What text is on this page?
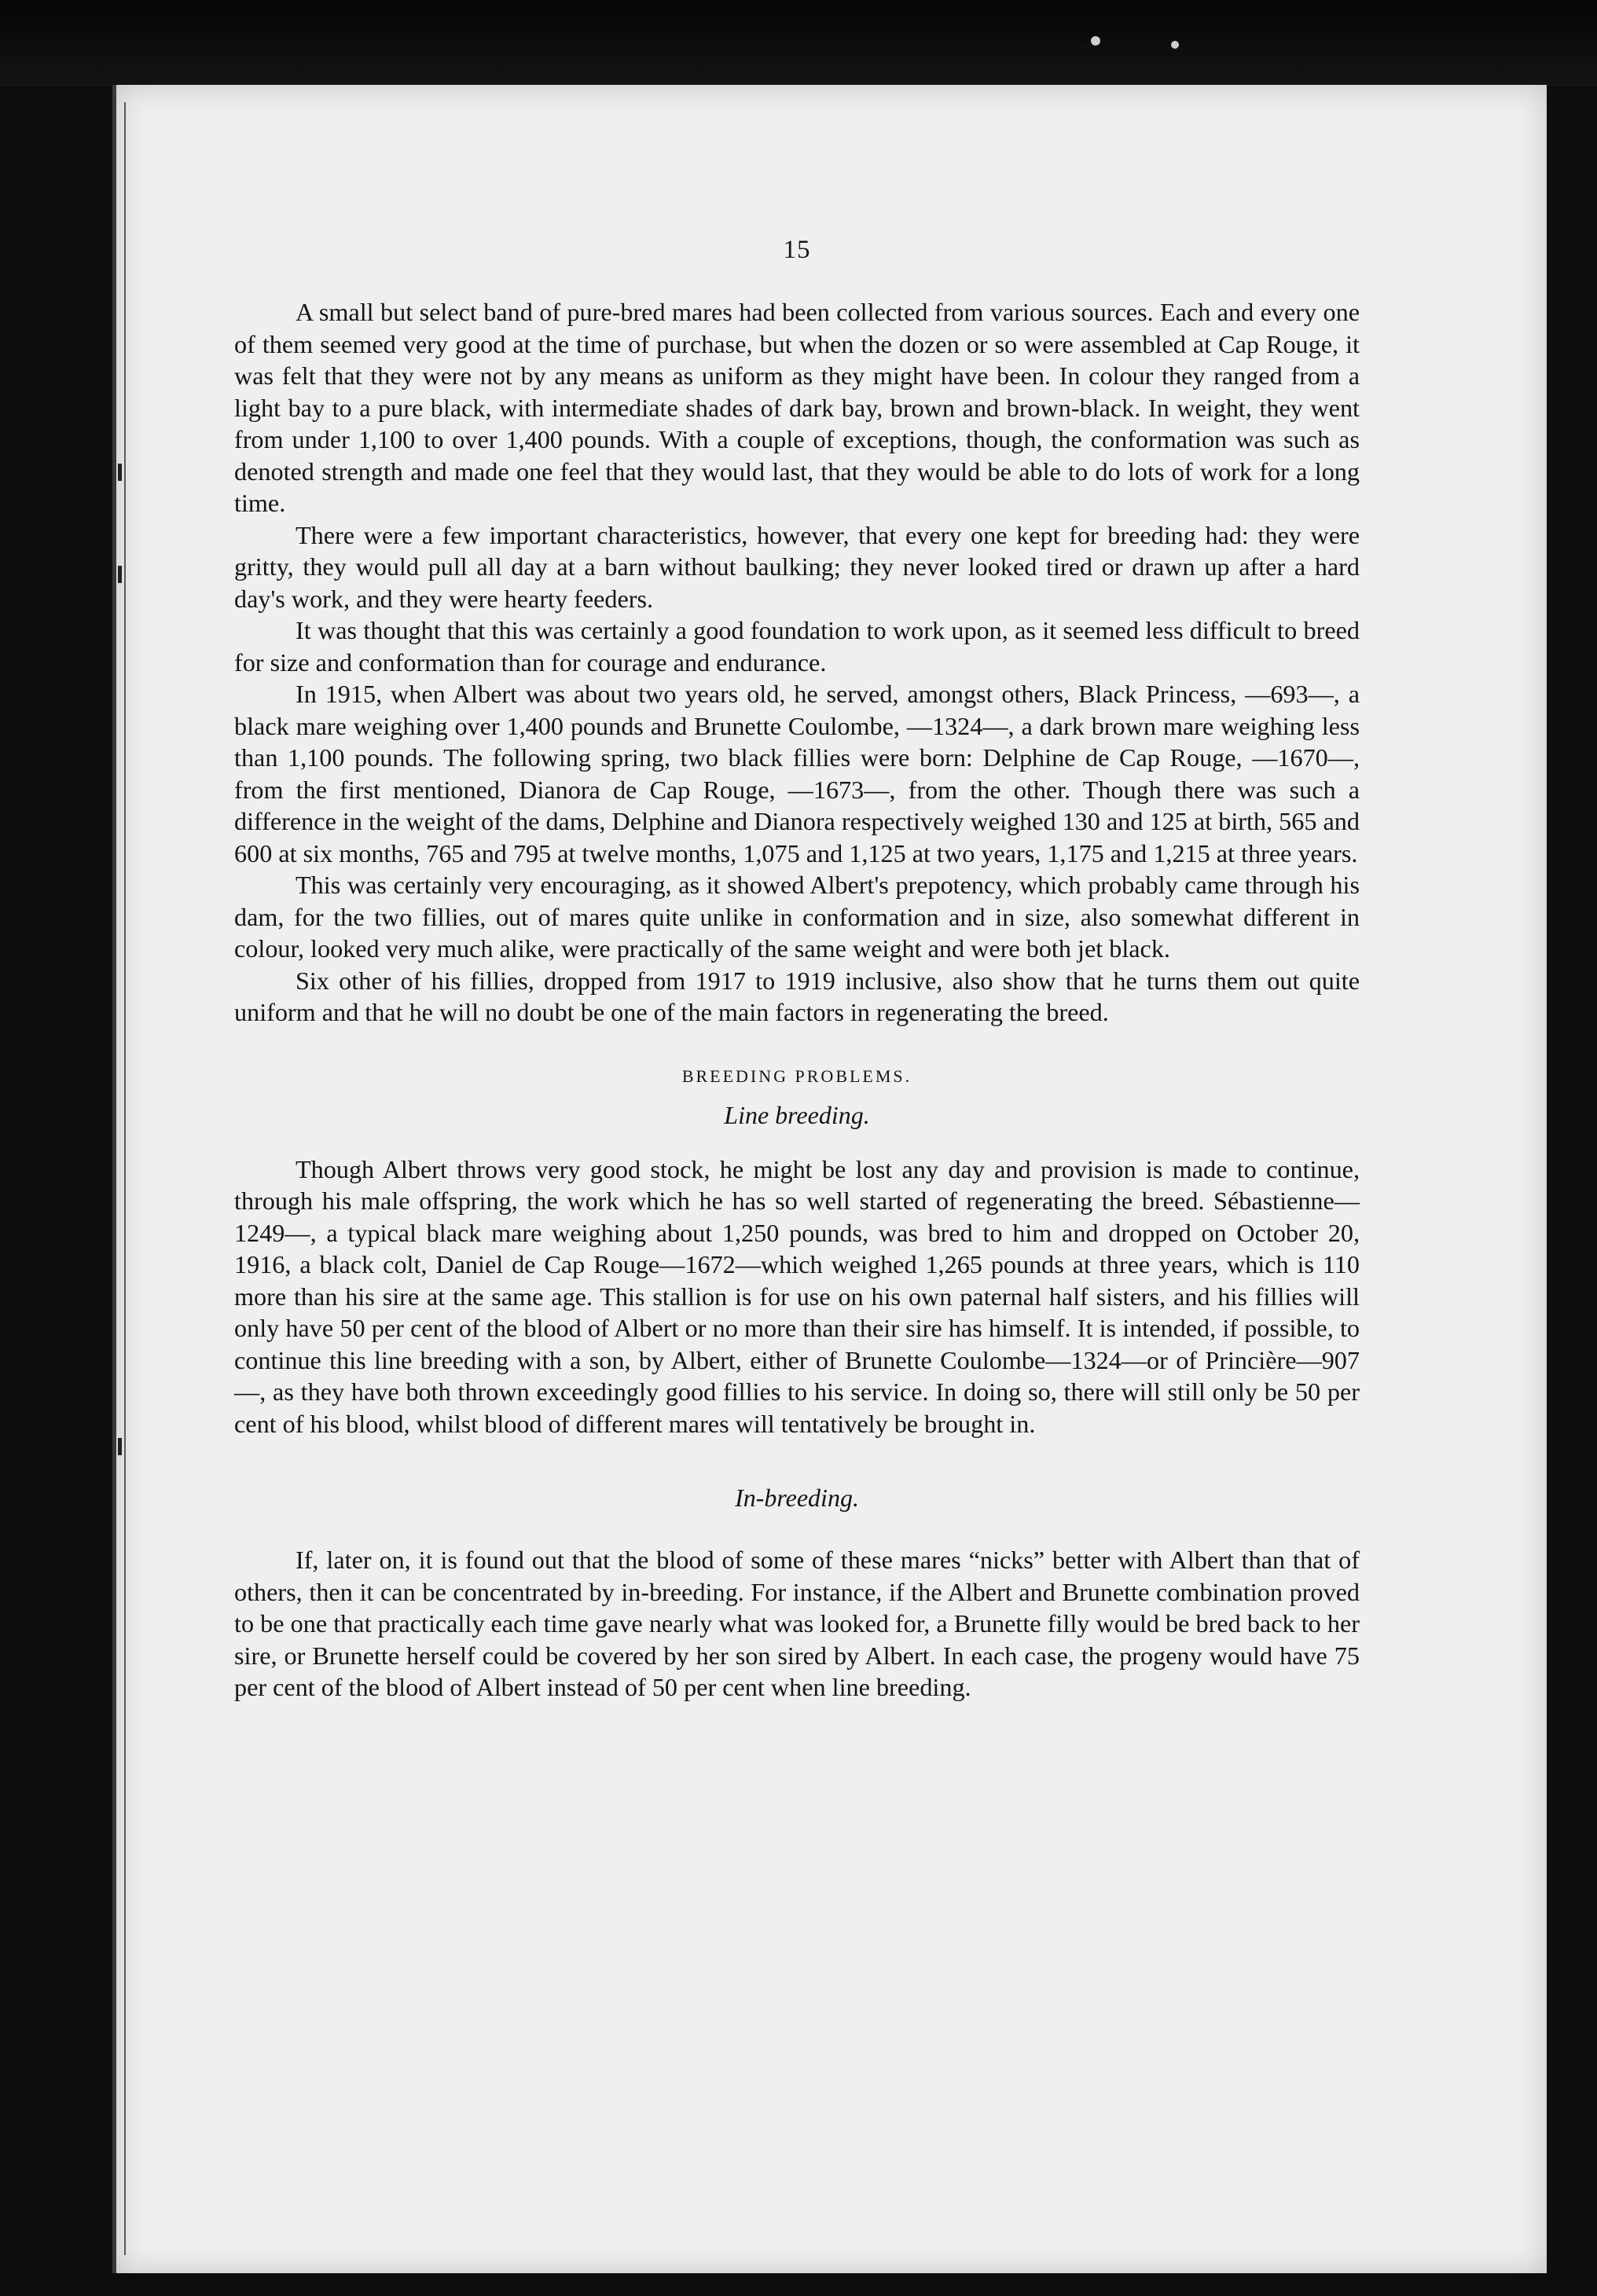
15

A small but select band of pure-bred mares had been collected from various sources. Each and every one of them seemed very good at the time of purchase, but when the dozen or so were assembled at Cap Rouge, it was felt that they were not by any means as uniform as they might have been. In colour they ranged from a light bay to a pure black, with intermediate shades of dark bay, brown and brown-black. In weight, they went from under 1,100 to over 1,400 pounds. With a couple of exceptions, though, the conformation was such as denoted strength and made one feel that they would last, that they would be able to do lots of work for a long time.

There were a few important characteristics, however, that every one kept for breeding had: they were gritty, they would pull all day at a barn without baulking; they never looked tired or drawn up after a hard day's work, and they were hearty feeders.

It was thought that this was certainly a good foundation to work upon, as it seemed less difficult to breed for size and conformation than for courage and endurance.

In 1915, when Albert was about two years old, he served, amongst others, Black Princess, —693—, a black mare weighing over 1,400 pounds and Brunette Coulombe, —1324—, a dark brown mare weighing less than 1,100 pounds. The following spring, two black fillies were born: Delphine de Cap Rouge, —1670—, from the first mentioned, Dianora de Cap Rouge, —1673—, from the other. Though there was such a difference in the weight of the dams, Delphine and Dianora respectively weighed 130 and 125 at birth, 565 and 600 at six months, 765 and 795 at twelve months, 1,075 and 1,125 at two years, 1,175 and 1,215 at three years.

This was certainly very encouraging, as it showed Albert's prepotency, which probably came through his dam, for the two fillies, out of mares quite unlike in conformation and in size, also somewhat different in colour, looked very much alike, were practically of the same weight and were both jet black.

Six other of his fillies, dropped from 1917 to 1919 inclusive, also show that he turns them out quite uniform and that he will no doubt be one of the main factors in regenerating the breed.

BREEDING PROBLEMS.
Line breeding.

Though Albert throws very good stock, he might be lost any day and provision is made to continue, through his male offspring, the work which he has so well started of regenerating the breed. Sébastienne—1249—, a typical black mare weighing about 1,250 pounds, was bred to him and dropped on October 20, 1916, a black colt, Daniel de Cap Rouge—1672—which weighed 1,265 pounds at three years, which is 110 more than his sire at the same age. This stallion is for use on his own paternal half sisters, and his fillies will only have 50 per cent of the blood of Albert or no more than their sire has himself. It is intended, if possible, to continue this line breeding with a son, by Albert, either of Brunette Coulombe—1324—or of Princière—907—, as they have both thrown exceedingly good fillies to his service. In doing so, there will still only be 50 per cent of his blood, whilst blood of different mares will tentatively be brought in.

In-breeding.

If, later on, it is found out that the blood of some of these mares “nicks” better with Albert than that of others, then it can be concentrated by in-breeding. For instance, if the Albert and Brunette combination proved to be one that practically each time gave nearly what was looked for, a Brunette filly would be bred back to her sire, or Brunette herself could be covered by her son sired by Albert. In each case, the progeny would have 75 per cent of the blood of Albert instead of 50 per cent when line breeding.
